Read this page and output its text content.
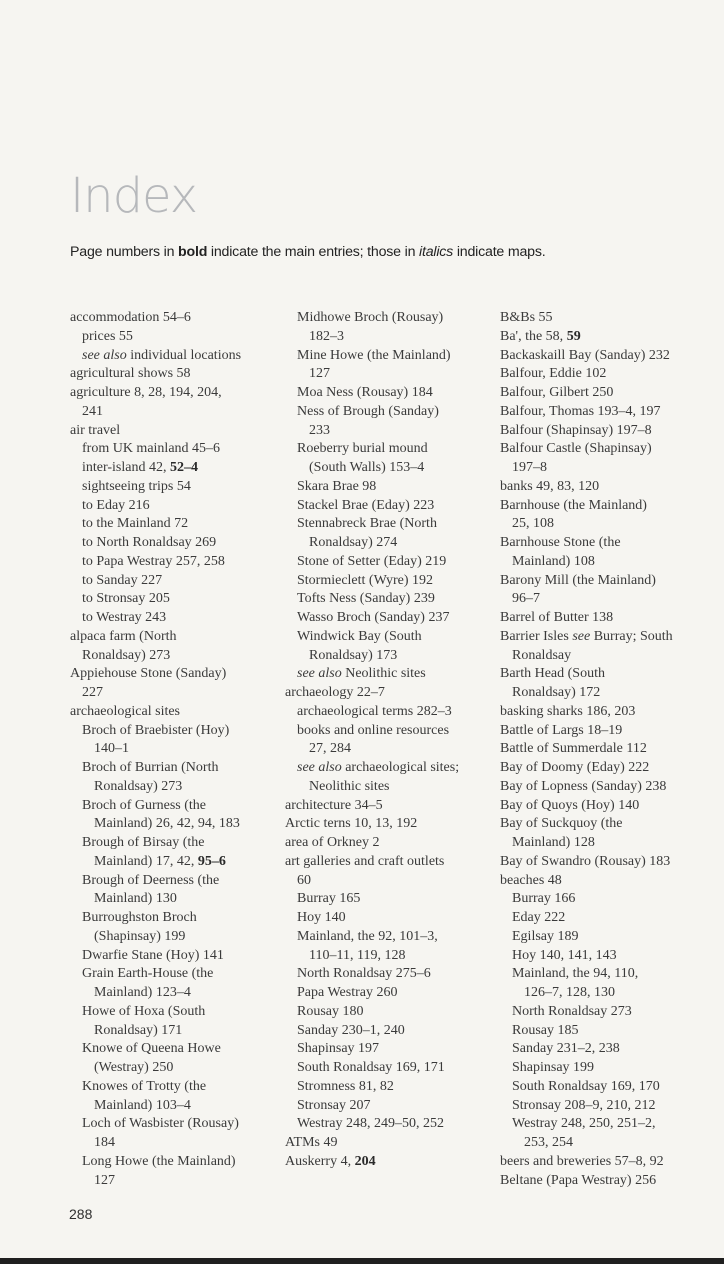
Index
Page numbers in bold indicate the main entries; those in italics indicate maps.
accommodation 54–6
prices 55
see also individual locations
agricultural shows 58
agriculture 8, 28, 194, 204,
241
air travel
from UK mainland 45–6
inter-island 42, 52–4
sightseeing trips 54
to Eday 216
to the Mainland 72
to North Ronaldsay 269
to Papa Westray 257, 258
to Sanday 227
to Stronsay 205
to Westray 243
alpaca farm (North
Ronaldsay) 273
Appiehouse Stone (Sanday)
227
archaeological sites
Broch of Braebister (Hoy)
140–1
Broch of Burrian (North
Ronaldsay) 273
Broch of Gurness (the
Mainland) 26, 42, 94, 183
Brough of Birsay (the
Mainland) 17, 42, 95–6
Brough of Deerness (the
Mainland) 130
Burroughston Broch
(Shapinsay) 199
Dwarfie Stane (Hoy) 141
Grain Earth-House (the
Mainland) 123–4
Howe of Hoxa (South
Ronaldsay) 171
Knowe of Queena Howe
(Westray) 250
Knowes of Trotty (the
Mainland) 103–4
Loch of Wasbister (Rousay)
184
Long Howe (the Mainland)
127
Midhowe Broch (Rousay)
182–3
Mine Howe (the Mainland)
127
Moa Ness (Rousay) 184
Ness of Brough (Sanday)
233
Roeberry burial mound
(South Walls) 153–4
Skara Brae 98
Stackel Brae (Eday) 223
Stennabreck Brae (North
Ronaldsay) 274
Stone of Setter (Eday) 219
Stormieclett (Wyre) 192
Tofts Ness (Sanday) 239
Wasso Broch (Sanday) 237
Windwick Bay (South
Ronaldsay) 173
see also Neolithic sites
archaeology 22–7
archaeological terms 282–3
books and online resources
27, 284
see also archaeological sites;
Neolithic sites
architecture 34–5
Arctic terns 10, 13, 192
area of Orkney 2
art galleries and craft outlets
60
Burray 165
Hoy 140
Mainland, the 92, 101–3,
110–11, 119, 128
North Ronaldsay 275–6
Papa Westray 260
Rousay 180
Sanday 230–1, 240
Shapinsay 197
South Ronaldsay 169, 171
Stromness 81, 82
Stronsay 207
Westray 248, 249–50, 252
ATMs 49
Auskerry 4, 204
B&Bs 55
Ba', the 58, 59
Backaskaill Bay (Sanday) 232
Balfour, Eddie 102
Balfour, Gilbert 250
Balfour, Thomas 193–4, 197
Balfour (Shapinsay) 197–8
Balfour Castle (Shapinsay)
197–8
banks 49, 83, 120
Barnhouse (the Mainland)
25, 108
Barnhouse Stone (the
Mainland) 108
Barony Mill (the Mainland)
96–7
Barrel of Butter 138
Barrier Isles see Burray; South
Ronaldsay
Barth Head (South
Ronaldsay) 172
basking sharks 186, 203
Battle of Largs 18–19
Battle of Summerdale 112
Bay of Doomy (Eday) 222
Bay of Lopness (Sanday) 238
Bay of Quoys (Hoy) 140
Bay of Suckquoy (the
Mainland) 128
Bay of Swandro (Rousay) 183
beaches 48
Burray 166
Eday 222
Egilsay 189
Hoy 140, 141, 143
Mainland, the 94, 110,
126–7, 128, 130
North Ronaldsay 273
Rousay 185
Sanday 231–2, 238
Shapinsay 199
South Ronaldsay 169, 170
Stronsay 208–9, 210, 212
Westray 248, 250, 251–2,
253, 254
beers and breweries 57–8, 92
Beltane (Papa Westray) 256
288
